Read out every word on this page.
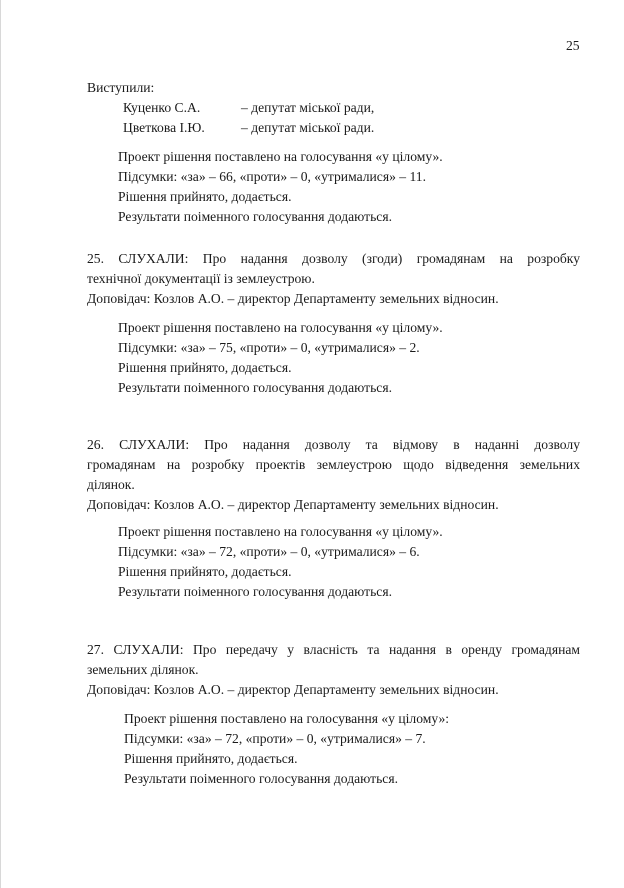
25
Виступили:
Куценко С.А.	– депутат міської ради,
Цветкова І.Ю.	– депутат міської ради.
Проект рішення поставлено на голосування «у цілому».
Підсумки: «за» – 66, «проти» – 0, «утрималися» – 11.
Рішення прийнято, додається.
Результати поіменного голосування додаються.
25. СЛУХАЛИ: Про надання дозволу (згоди) громадянам на розробку
технічної документації із землеустрою.
Доповідач: Козлов А.О. – директор Департаменту земельних відносин.
Проект рішення поставлено на голосування «у цілому».
Підсумки: «за» – 75, «проти» – 0, «утрималися» – 2.
Рішення прийнято, додається.
Результати поіменного голосування додаються.
26. СЛУХАЛИ: Про надання дозволу та відмову в наданні дозволу
громадянам на розробку проектів землеустрою щодо відведення земельних
ділянок.
Доповідач: Козлов А.О. – директор Департаменту земельних відносин.
Проект рішення поставлено на голосування «у цілому».
Підсумки: «за» – 72, «проти» – 0, «утрималися» – 6.
Рішення прийнято, додається.
Результати поіменного голосування додаються.
27. СЛУХАЛИ: Про передачу у власність та надання в оренду громадянам
земельних ділянок.
Доповідач: Козлов А.О. – директор Департаменту земельних відносин.
Проект рішення поставлено на голосування «у цілому»:
Підсумки: «за» – 72, «проти» – 0, «утрималися» – 7.
Рішення прийнято, додається.
Результати поіменного голосування додаються.
